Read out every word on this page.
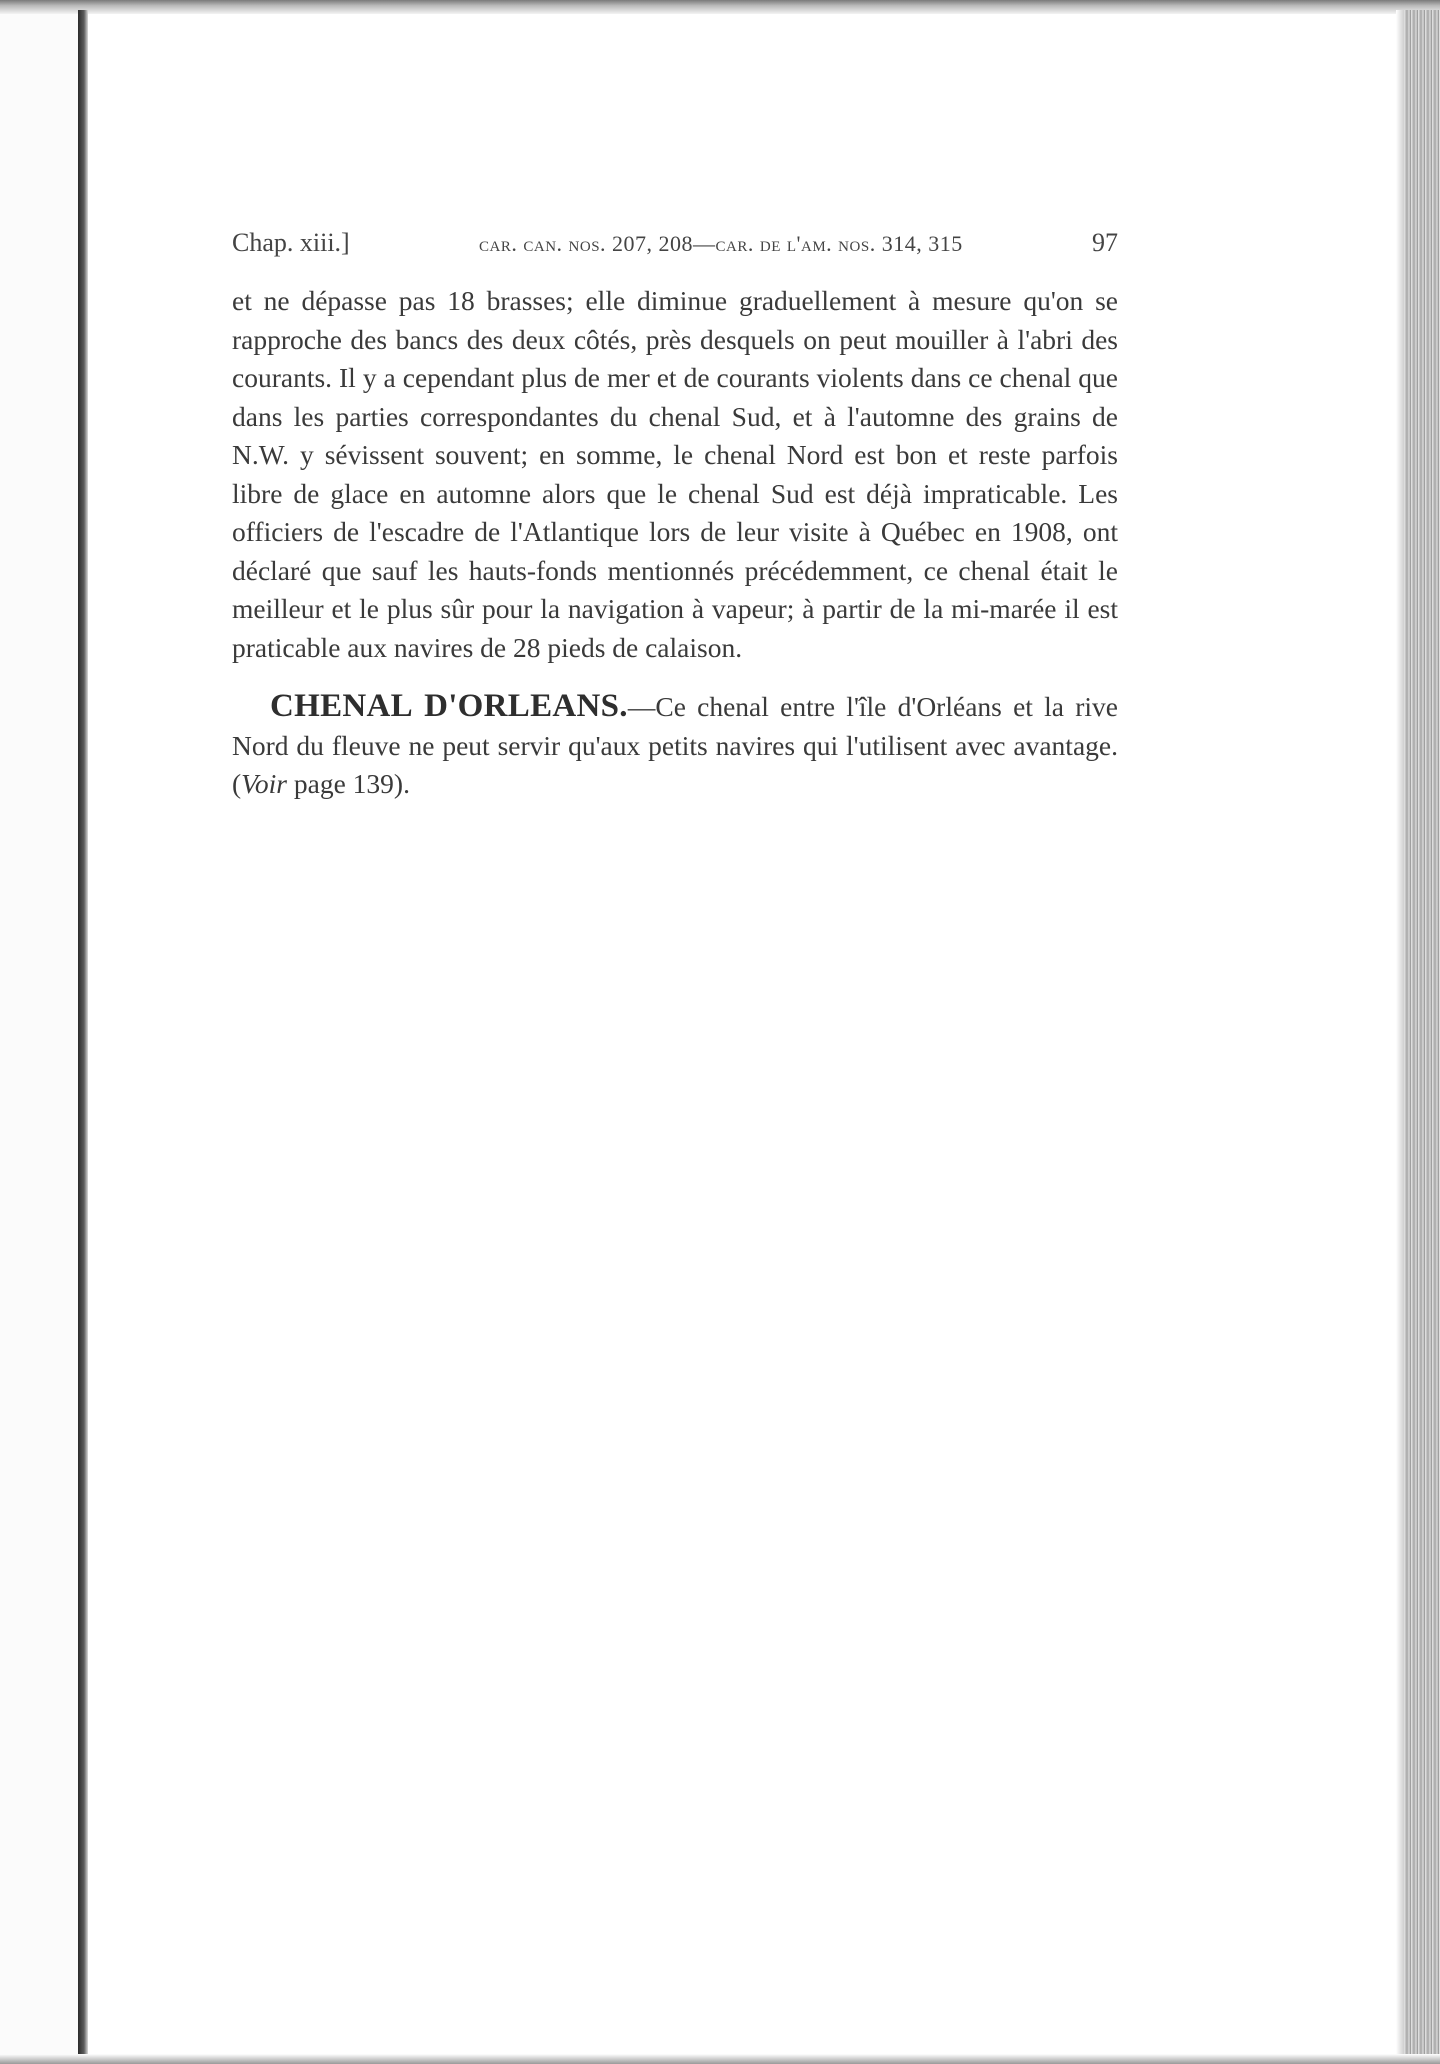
Chap. xiii.]	car. can. nos. 207, 208—car. de l'am. nos. 314, 315	97

et ne dépasse pas 18 brasses; elle diminue graduellement à mesure qu'on se rapproche des bancs des deux côtés, près desquels on peut mouiller à l'abri des courants. Il y a cependant plus de mer et de courants violents dans ce chenal que dans les parties correspondantes du chenal Sud, et à l'automne des grains de N.W. y sévissent souvent; en somme, le chenal Nord est bon et reste parfois libre de glace en automne alors que le chenal Sud est déjà impraticable. Les officiers de l'escadre de l'Atlantique lors de leur visite à Québec en 1908, ont déclaré que sauf les hauts-fonds mentionnés précédemment, ce chenal était le meilleur et le plus sûr pour la navigation à vapeur; à partir de la mi-marée il est praticable aux navires de 28 pieds de calaison.

CHENAL D'ORLEANS.—Ce chenal entre l'île d'Orléans et la rive Nord du fleuve ne peut servir qu'aux petits navires qui l'utilisent avec avantage. (Voir page 139).
